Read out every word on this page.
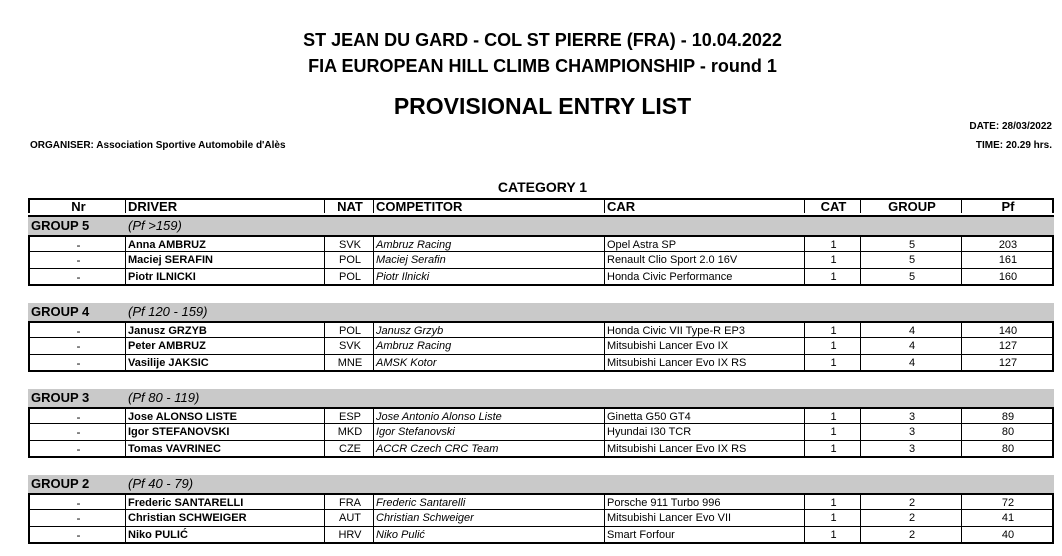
ST JEAN DU GARD - COL ST PIERRE (FRA) - 10.04.2022
FIA EUROPEAN HILL CLIMB CHAMPIONSHIP - round 1
PROVISIONAL ENTRY LIST
DATE: 28/03/2022
TIME: 20.29 hrs.
ORGANISER: Association Sportive Automobile d'Alès
CATEGORY 1
Nr	DRIVER	NAT	COMPETITOR	CAR	CAT	GROUP	Pf
GROUP 5	(Pf >159)
-	Anna AMBRUZ	SVK	Ambruz Racing	Opel Astra SP	1	5	203
-	Maciej SERAFIN	POL	Maciej Serafin	Renault Clio Sport 2.0 16V	1	5	161
-	Piotr ILNICKI	POL	Piotr Ilnicki	Honda Civic Performance	1	5	160
GROUP 4	(Pf 120 - 159)
-	Janusz GRZYB	POL	Janusz Grzyb	Honda Civic VII Type-R EP3	1	4	140
-	Peter AMBRUZ	SVK	Ambruz Racing	Mitsubishi Lancer Evo IX	1	4	127
-	Vasilije JAKSIC	MNE	AMSK Kotor	Mitsubishi Lancer Evo IX RS	1	4	127
GROUP 3	(Pf 80 - 119)
-	Jose ALONSO LISTE	ESP	Jose Antonio Alonso Liste	Ginetta G50 GT4	1	3	89
-	Igor STEFANOVSKI	MKD	Igor Stefanovski	Hyundai I30 TCR	1	3	80
-	Tomas VAVRINEC	CZE	ACCR Czech CRC Team	Mitsubishi Lancer Evo IX RS	1	3	80
GROUP 2	(Pf 40 - 79)
-	Frederic SANTARELLI	FRA	Frederic Santarelli	Porsche 911 Turbo 996	1	2	72
-	Christian SCHWEIGER	AUT	Christian Schweiger	Mitsubishi Lancer Evo VII	1	2	41
-	Niko PULIĆ	HRV	Niko Pulić	Smart Forfour	1	2	40
